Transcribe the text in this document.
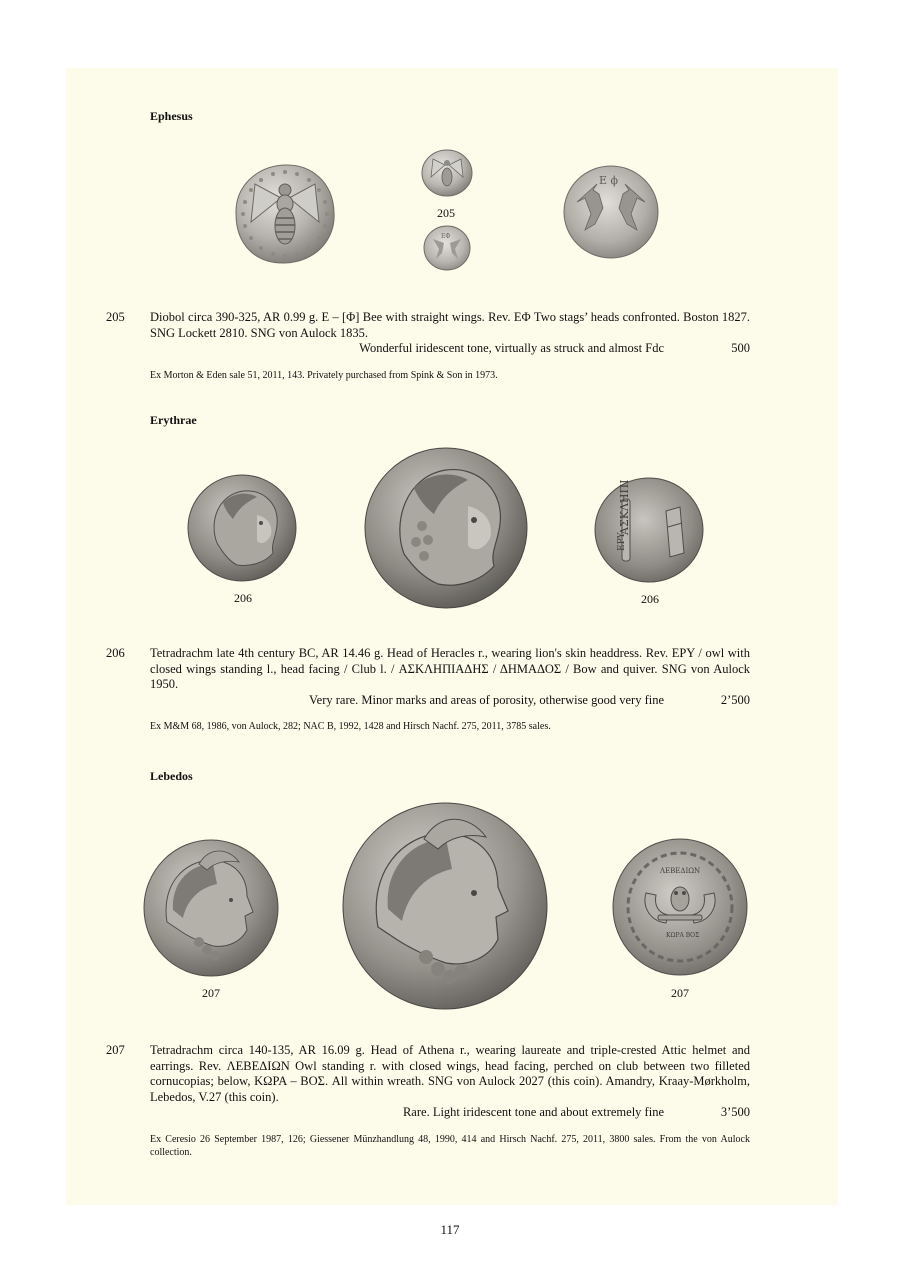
Ephesus
205
ΕΦ
Ε ϕ
205 Diobol circa 390-325, AR 0.99 g. E – [Φ] Bee with straight wings. Rev. ΕΦ Two stags’ heads confronted. Boston 1827. SNG Lockett 2810. SNG von Aulock 1835.
Wonderful iridescent tone, virtually as struck and almost Fdc	500
Ex Morton & Eden sale 51, 2011, 143. Privately purchased from Spink & Son in 1973.
Erythrae
ΑΣΚΛΗΠΙ
ΕΡΥ
206	206
206 Tetradrachm late 4th century BC, AR 14.46 g. Head of Heracles r., wearing lion's skin headdress. Rev. ΕΡΥ / owl with closed wings standing l., head facing / Club l. / ΑΣΚΛΗΠΙΑΔΗΣ / ΔΗΜΑΔΟΣ / Bow and quiver. SNG von Aulock 1950.
Very rare. Minor marks and areas of porosity, otherwise good very fine	2’500
Ex M&M 68, 1986, von Aulock, 282; NAC B, 1992, 1428 and Hirsch Nachf. 275, 2011, 3785 sales.
Lebedos
ΛΕΒΕΔΙΩΝ
ΚΩΡΑ ΒΟΣ
207	207
207 Tetradrachm circa 140-135, AR 16.09 g. Head of Athena r., wearing laureate and triple-crested Attic helmet and earrings. Rev. ΛΕΒΕΔΙΩΝ Owl standing r. with closed wings, head facing, perched on club between two filleted cornucopias; below, ΚΩΡΑ – ΒΟΣ. All within wreath. SNG von Aulock 2027 (this coin). Amandry, Kraay-Mørkholm, Lebedos, V.27 (this coin).
Rare. Light iridescent tone and about extremely fine	3’500
Ex Ceresio 26 September 1987, 126; Giessener Münzhandlung 48, 1990, 414 and Hirsch Nachf. 275, 2011, 3800 sales. From the von Aulock collection.
117
